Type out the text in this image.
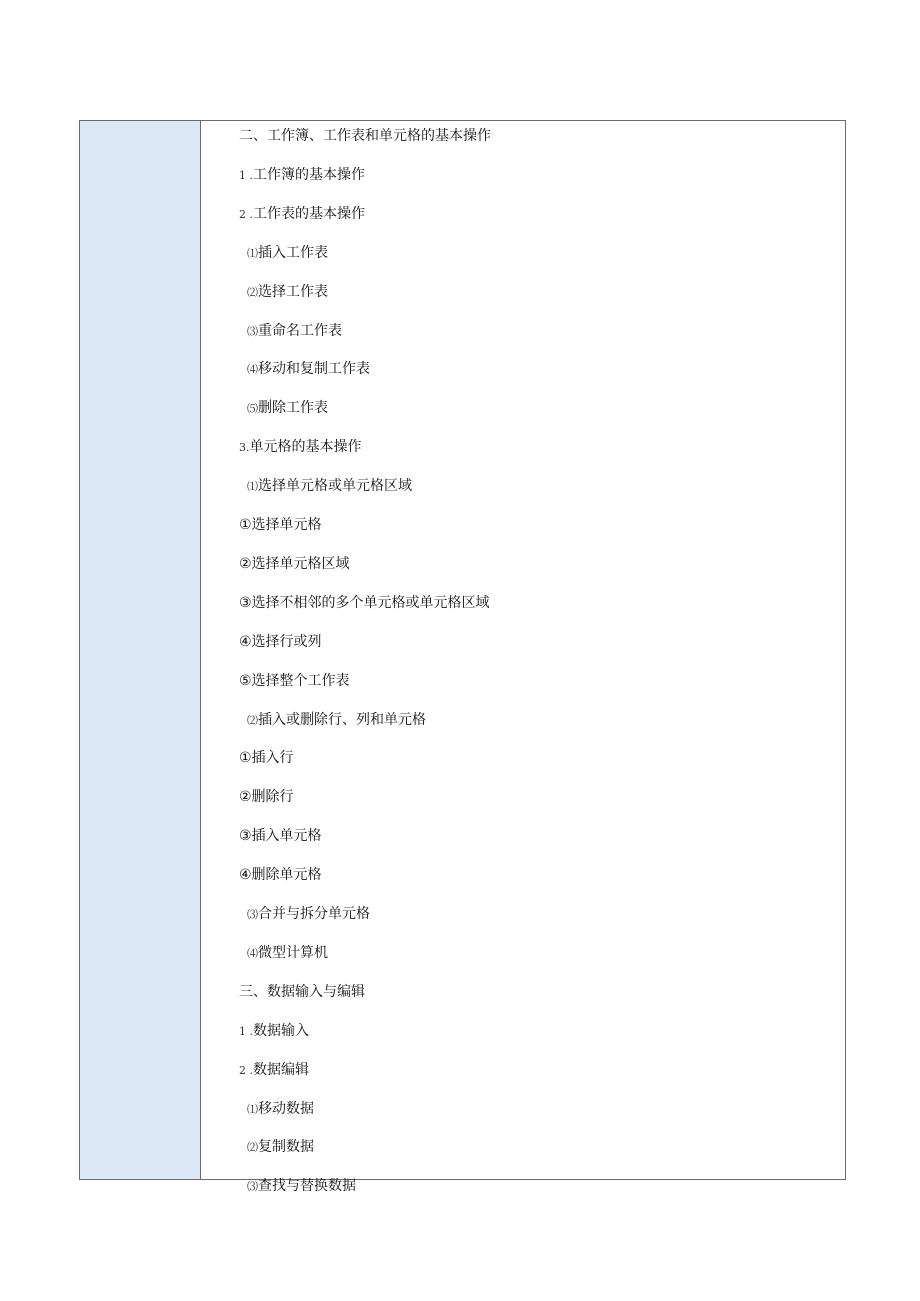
二、工作簿、工作表和单元格的基本操作
1 .工作簿的基本操作
2 .工作表的基本操作
⑴插入工作表
⑵选择工作表
⑶重命名工作表
⑷移动和复制工作表
⑸删除工作表
3.单元格的基本操作
⑴选择单元格或单元格区域
①选择单元格
②选择单元格区域
③选择不相邻的多个单元格或单元格区域
④选择行或列
⑤选择整个工作表
⑵插入或删除行、列和单元格
①插入行
②删除行
③插入单元格
④删除单元格
⑶合并与拆分单元格
⑷微型计算机
三、数据输入与编辑
1 .数据输入
2 .数据编辑
⑴移动数据
⑵复制数据
⑶查找与替换数据
